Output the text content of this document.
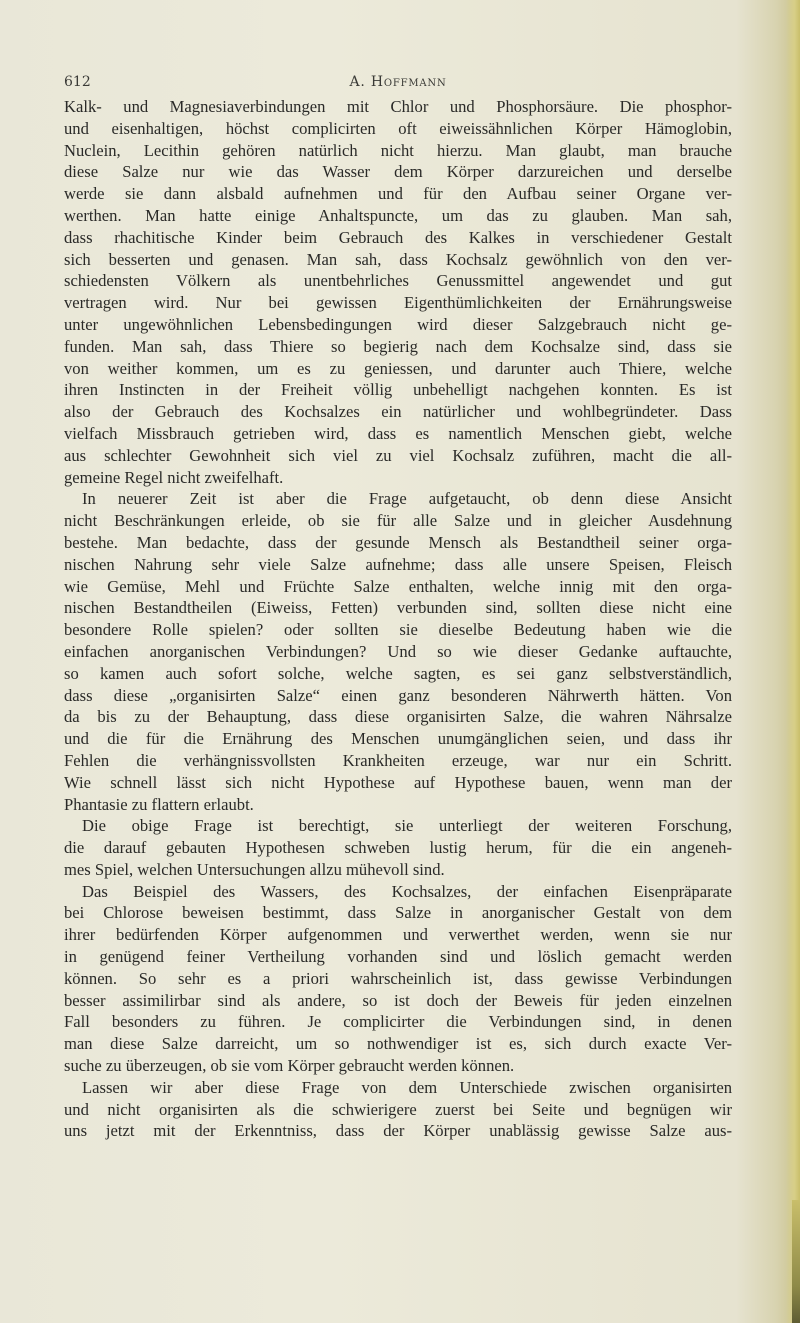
612	A. Hoffmann
Kalk- und Magnesiaverbindungen mit Chlor und Phosphorsäure. Die phosphor-
und eisenhaltigen, höchst complicirten oft eiweissähnlichen Körper Hämoglobin,
Nuclein, Lecithin gehören natürlich nicht hierzu. Man glaubt, man brauche
diese Salze nur wie das Wasser dem Körper darzureichen und derselbe
werde sie dann alsbald aufnehmen und für den Aufbau seiner Organe ver-
werthen. Man hatte einige Anhaltspuncte, um das zu glauben. Man sah,
dass rhachitische Kinder beim Gebrauch des Kalkes in verschiedener Gestalt
sich besserten und genasen. Man sah, dass Kochsalz gewöhnlich von den ver-
schiedensten Völkern als unentbehrliches Genussmittel angewendet und gut
vertragen wird. Nur bei gewissen Eigenthümlichkeiten der Ernährungsweise
unter ungewöhnlichen Lebensbedingungen wird dieser Salzgebrauch nicht ge-
funden. Man sah, dass Thiere so begierig nach dem Kochsalze sind, dass sie
von weither kommen, um es zu geniessen, und darunter auch Thiere, welche
ihren Instincten in der Freiheit völlig unbehelligt nachgehen konnten. Es ist
also der Gebrauch des Kochsalzes ein natürlicher und wohlbegründeter. Dass
vielfach Missbrauch getrieben wird, dass es namentlich Menschen giebt, welche
aus schlechter Gewohnheit sich viel zu viel Kochsalz zuführen, macht die all-
gemeine Regel nicht zweifelhaft.
In neuerer Zeit ist aber die Frage aufgetaucht, ob denn diese Ansicht
nicht Beschränkungen erleide, ob sie für alle Salze und in gleicher Ausdehnung
bestehe. Man bedachte, dass der gesunde Mensch als Bestandtheil seiner orga-
nischen Nahrung sehr viele Salze aufnehme; dass alle unsere Speisen, Fleisch
wie Gemüse, Mehl und Früchte Salze enthalten, welche innig mit den orga-
nischen Bestandtheilen (Eiweiss, Fetten) verbunden sind, sollten diese nicht eine
besondere Rolle spielen? oder sollten sie dieselbe Bedeutung haben wie die
einfachen anorganischen Verbindungen? Und so wie dieser Gedanke auftauchte,
so kamen auch sofort solche, welche sagten, es sei ganz selbstverständlich,
dass diese „organisirten Salze“ einen ganz besonderen Nährwerth hätten. Von
da bis zu der Behauptung, dass diese organisirten Salze, die wahren Nährsalze
und die für die Ernährung des Menschen unumgänglichen seien, und dass ihr
Fehlen die verhängnissvollsten Krankheiten erzeuge, war nur ein Schritt.
Wie schnell lässt sich nicht Hypothese auf Hypothese bauen, wenn man der
Phantasie zu flattern erlaubt.
Die obige Frage ist berechtigt, sie unterliegt der weiteren Forschung,
die darauf gebauten Hypothesen schweben lustig herum, für die ein angeneh-
mes Spiel, welchen Untersuchungen allzu mühevoll sind.
Das Beispiel des Wassers, des Kochsalzes, der einfachen Eisenpräparate
bei Chlorose beweisen bestimmt, dass Salze in anorganischer Gestalt von dem
ihrer bedürfenden Körper aufgenommen und verwerthet werden, wenn sie nur
in genügend feiner Vertheilung vorhanden sind und löslich gemacht werden
können. So sehr es a priori wahrscheinlich ist, dass gewisse Verbindungen
besser assimilirbar sind als andere, so ist doch der Beweis für jeden einzelnen
Fall besonders zu führen. Je complicirter die Verbindungen sind, in denen
man diese Salze darreicht, um so nothwendiger ist es, sich durch exacte Ver-
suche zu überzeugen, ob sie vom Körper gebraucht werden können.
Lassen wir aber diese Frage von dem Unterschiede zwischen organisirten
und nicht organisirten als die schwierigere zuerst bei Seite und begnügen wir
uns jetzt mit der Erkenntniss, dass der Körper unablässig gewisse Salze aus-
